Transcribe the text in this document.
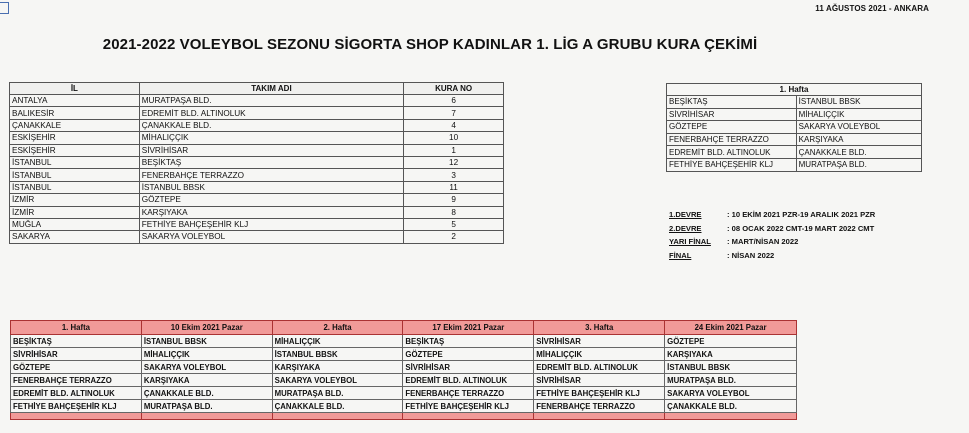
11 AĞUSTOS 2021 - ANKARA
2021-2022 VOLEYBOL SEZONU SİGORTA SHOP KADINLAR 1. LİG A GRUBU KURA ÇEKİMİ
İL	TAKIM ADI	KURA NO
ANTALYA	MURATPAŞA BLD.	6
BALIKESİR	EDREMİT BLD. ALTINOLUK	7
ÇANAKKALE	ÇANAKKALE BLD.	4
ESKİŞEHİR	MİHALIÇÇIK	10
ESKİŞEHİR	SİVRİHİSAR	1
İSTANBUL	BEŞİKTAŞ	12
İSTANBUL	FENERBAHÇE TERRAZZO	3
İSTANBUL	İSTANBUL BBSK	11
İZMİR	GÖZTEPE	9
İZMİR	KARŞIYAKA	8
MUĞLA	FETHİYE BAHÇEŞEHİR KLJ	5
SAKARYA	SAKARYA VOLEYBOL	2
1. Hafta	
BEŞİKTAŞ	İSTANBUL BBSK
SİVRİHİSAR	MİHALIÇÇIK
GÖZTEPE	SAKARYA VOLEYBOL
FENERBAHÇE TERRAZZO	KARŞIYAKA
EDREMİT BLD. ALTINOLUK	ÇANAKKALE BLD.
FETHİYE BAHÇEŞEHİR KLJ	MURATPAŞA BLD.
1.DEVRE	: 10 EKİM 2021 PZR-19 ARALIK 2021 PZR
2.DEVRE	: 08 OCAK 2022 CMT-19 MART 2022 CMT
YARI FİNAL : MART/NİSAN 2022
FİNAL	: NİSAN 2022
1. Hafta	10 Ekim 2021 Pazar	2. Hafta	17 Ekim 2021 Pazar	3. Hafta	24 Ekim 2021 Pazar
BEŞİKTAŞ	İSTANBUL BBSK	MİHALIÇÇIK	BEŞİKTAŞ	SİVRİHİSAR	GÖZTEPE
SİVRİHİSAR	MİHALIÇÇIK	İSTANBUL BBSK	GÖZTEPE	MİHALIÇÇIK	KARŞIYAKA
GÖZTEPE	SAKARYA VOLEYBOL	KARŞIYAKA	SİVRİHİSAR	EDREMİT BLD. ALTINOLUK	İSTANBUL BBSK
FENERBAHÇE TERRAZZO	KARŞIYAKA	SAKARYA VOLEYBOL	EDREMİT BLD. ALTINOLUK	SİVRİHİSAR	MURATPAŞA BLD.
EDREMİT BLD. ALTINOLUK	ÇANAKKALE BLD.	MURATPAŞA BLD.	FENERBAHÇE TERRAZZO	FETHİYE BAHÇEŞEHİR KLJ	SAKARYA VOLEYBOL
FETHİYE BAHÇEŞEHİR KLJ	MURATPAŞA BLD.	ÇANAKKALE BLD.	FETHİYE BAHÇEŞEHİR KLJ	FENERBAHÇE TERRAZZO	ÇANAKKALE BLD.
